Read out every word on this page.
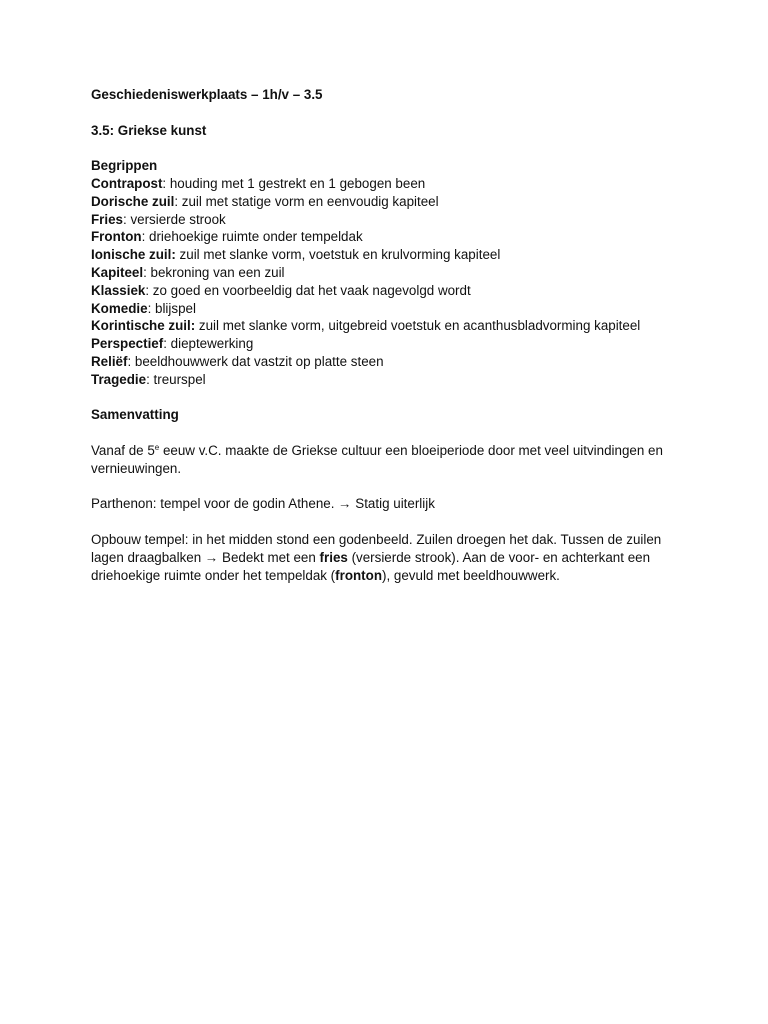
Geschiedeniswerkplaats – 1h/v – 3.5
3.5: Griekse kunst
Begrippen
Contrapost: houding met 1 gestrekt en 1 gebogen been
Dorische zuil: zuil met statige vorm en eenvoudig kapiteel
Fries: versierde strook
Fronton: driehoekige ruimte onder tempeldak
Ionische zuil: zuil met slanke vorm, voetstuk en krulvorming kapiteel
Kapiteel: bekroning van een zuil
Klassiek: zo goed en voorbeeldig dat het vaak nagevolgd wordt
Komedie: blijspel
Korintische zuil: zuil met slanke vorm, uitgebreid voetstuk en acanthusbladvorming kapiteel
Perspectief: dieptewerking
Reliëf: beeldhouwwerk dat vastzit op platte steen
Tragedie: treurspel
Samenvatting
Vanaf de 5e eeuw v.C. maakte de Griekse cultuur een bloeiperiode door met veel uitvindingen en vernieuwingen.
Parthenon: tempel voor de godin Athene. → Statig uiterlijk
Opbouw tempel: in het midden stond een godenbeeld. Zuilen droegen het dak. Tussen de zuilen lagen draagbalken → Bedekt met een fries (versierde strook). Aan de voor- en achterkant een driehoekige ruimte onder het tempeldak (fronton), gevuld met beeldhouwwerk.
